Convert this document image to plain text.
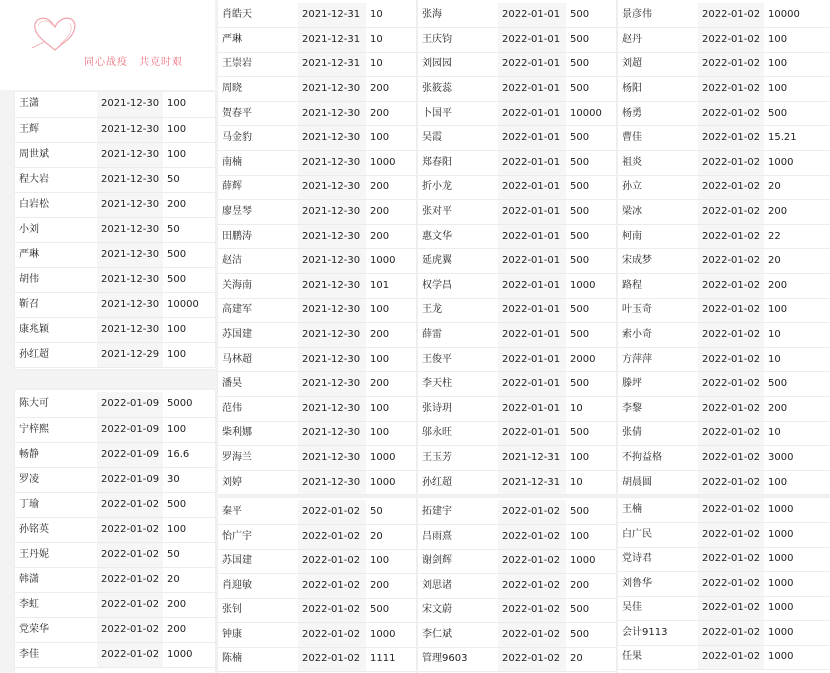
同心战疫　共克时艰
王潇	2021-12-30	100
王辉	2021-12-30	100
周世斌	2021-12-30	100
程大岩	2021-12-30	50
白岩松	2021-12-30	200
小刘	2021-12-30	50
严琳	2021-12-30	500
胡伟	2021-12-30	500
靳召	2021-12-30	10000
康兆颖	2021-12-30	100
孙红超	2021-12-29	100
陈大可	2022-01-09	5000
宁梓熙	2022-01-09	100
畅静	2022-01-09	16.6
罗凌	2022-01-09	30
丁瑜	2022-01-02	500
孙铭英	2022-01-02	100
王丹妮	2022-01-02	50
韩潇	2022-01-02	20
李虹	2022-01-02	200
党荣华	2022-01-02	200
李佳	2022-01-02	1000
肖皓天	2021-12-31	10
严琳	2021-12-31	10
王崇岩	2021-12-31	10
周晓	2021-12-30	200
贺春平	2021-12-30	200
马金豹	2021-12-30	100
南楠	2021-12-30	1000
薛辉	2021-12-30	200
廖昱琴	2021-12-30	200
田鹏涛	2021-12-30	200
赵洁	2021-12-30	1000
关海南	2021-12-30	101
高建军	2021-12-30	100
苏国建	2021-12-30	200
马林超	2021-12-30	100
潘昊	2021-12-30	200
范伟	2021-12-30	100
柴利娜	2021-12-30	100
罗海兰	2021-12-30	1000
刘婷	2021-12-30	1000
张海	2022-01-01	500
王庆钧	2022-01-01	500
刘园园	2022-01-01	500
张筱蕊	2022-01-01	500
卜国平	2022-01-01	10000
吴霞	2022-01-01	500
郑春阳	2022-01-01	500
折小龙	2022-01-01	500
张对平	2022-01-01	500
惠文华	2022-01-01	500
延虎翼	2022-01-01	500
权学昌	2022-01-01	1000
王龙	2022-01-01	500
薛雷	2022-01-01	500
王俊平	2022-01-01	2000
李天柱	2022-01-01	500
张诗玥	2022-01-01	10
邬永旺	2022-01-01	500
王玉芳	2021-12-31	100
孙红超	2021-12-31	10
景彦伟	2022-01-02	10000
赵丹	2022-01-02	100
刘超	2022-01-02	100
杨阳	2022-01-02	100
杨勇	2022-01-02	500
曹佳	2022-01-02	15.21
祖炎	2022-01-02	1000
孙立	2022-01-02	20
梁冰	2022-01-02	200
柯南	2022-01-02	22
宋成梦	2022-01-02	20
路程	2022-01-02	200
叶玉奇	2022-01-02	100
索小奇	2022-01-02	10
方萍萍	2022-01-02	10
滕坪	2022-01-02	500
李黎	2022-01-02	200
张倩	2022-01-02	10
不拘益格	2022-01-02	3000
胡晨圆	2022-01-02	100
秦平	2022-01-02	50
怡广宇	2022-01-02	20
苏国建	2022-01-02	100
肖迎敏	2022-01-02	200
张钊	2022-01-02	500
钟康	2022-01-02	1000
陈楠	2022-01-02	1111
拓建宇	2022-01-02	500
吕雨熹	2022-01-02	100
谢剑辉	2022-01-02	1000
刘思诸	2022-01-02	200
宋文蔚	2022-01-02	500
李仁斌	2022-01-02	500
管理9603	2022-01-02	20
王楠	2022-01-02	1000
白广民	2022-01-02	1000
党诗君	2022-01-02	1000
刘鲁华	2022-01-02	1000
吴佳	2022-01-02	1000
会计9113	2022-01-02	1000
任果	2022-01-02	1000
